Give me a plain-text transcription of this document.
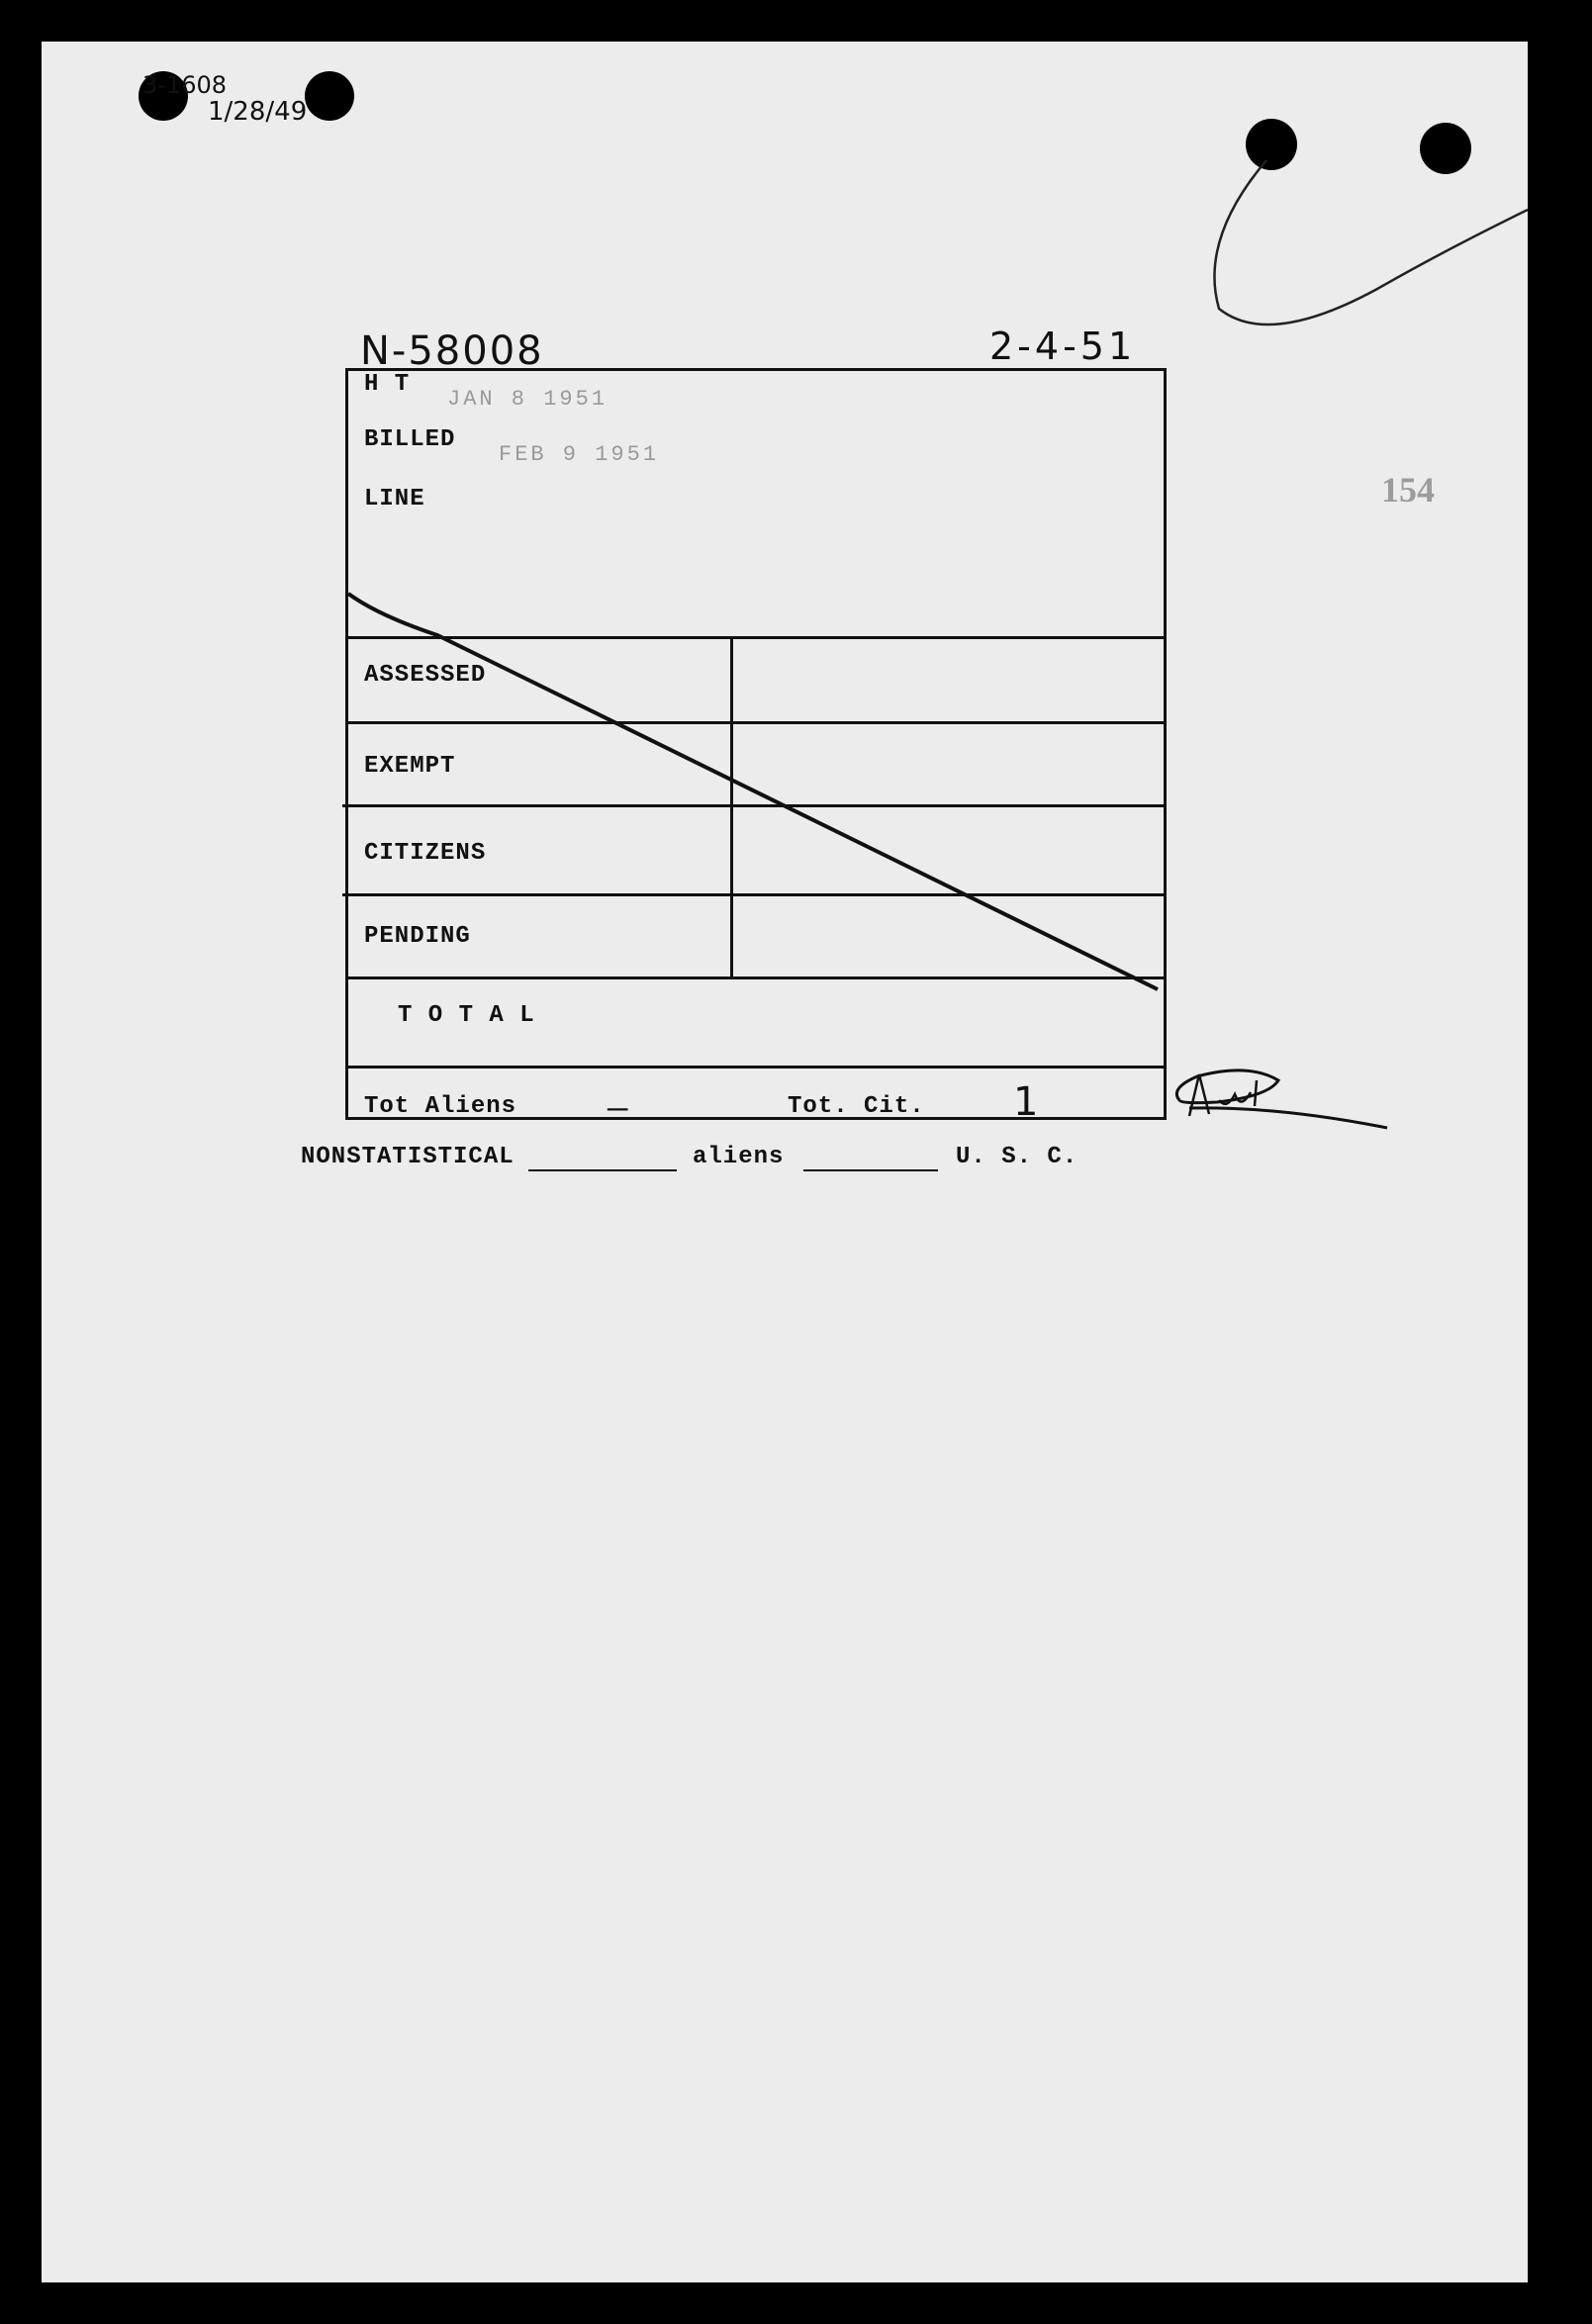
3-1608
1/28/49
N-58008	2-4-51
154
H T
BILLED
LINE
JAN 8 1951
FEB 9 1951
ASSESSED
EXEMPT
CITIZENS
PENDING
T O T A L
Tot Aliens	—	Tot. Cit. 1
NONSTATISTICAL	aliens	U. S. C.
